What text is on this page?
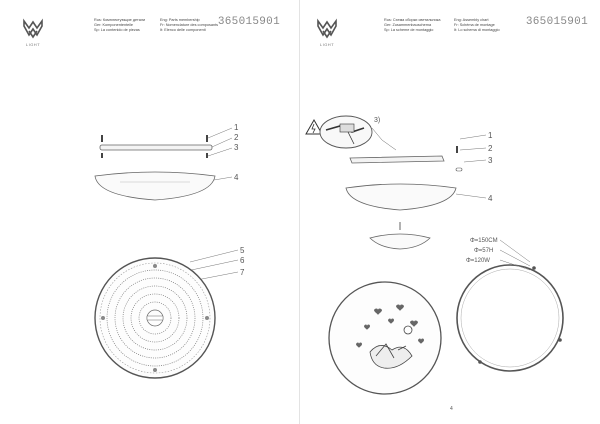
LIGHT
Rus: Комплектующие детали
Ger: Komponententeile
Sp: La contenido de piezas
Eng: Parts membership
Fr: Nomenclature des composants
It: Elenco delle componenti
365015901
1
2
3
4
5
6
7
LIGHT
Rus: Схема сборки светильника
Ger: Zusammenbauschema
Sp: La scheme de montaggio
Eng: Assembly chart
Fr: Schéma de montage
It: Lo schema di montaggio
365015901
3)
1
2
3
4
Φ=150CM
Φ=57H
Φ=120W
4
